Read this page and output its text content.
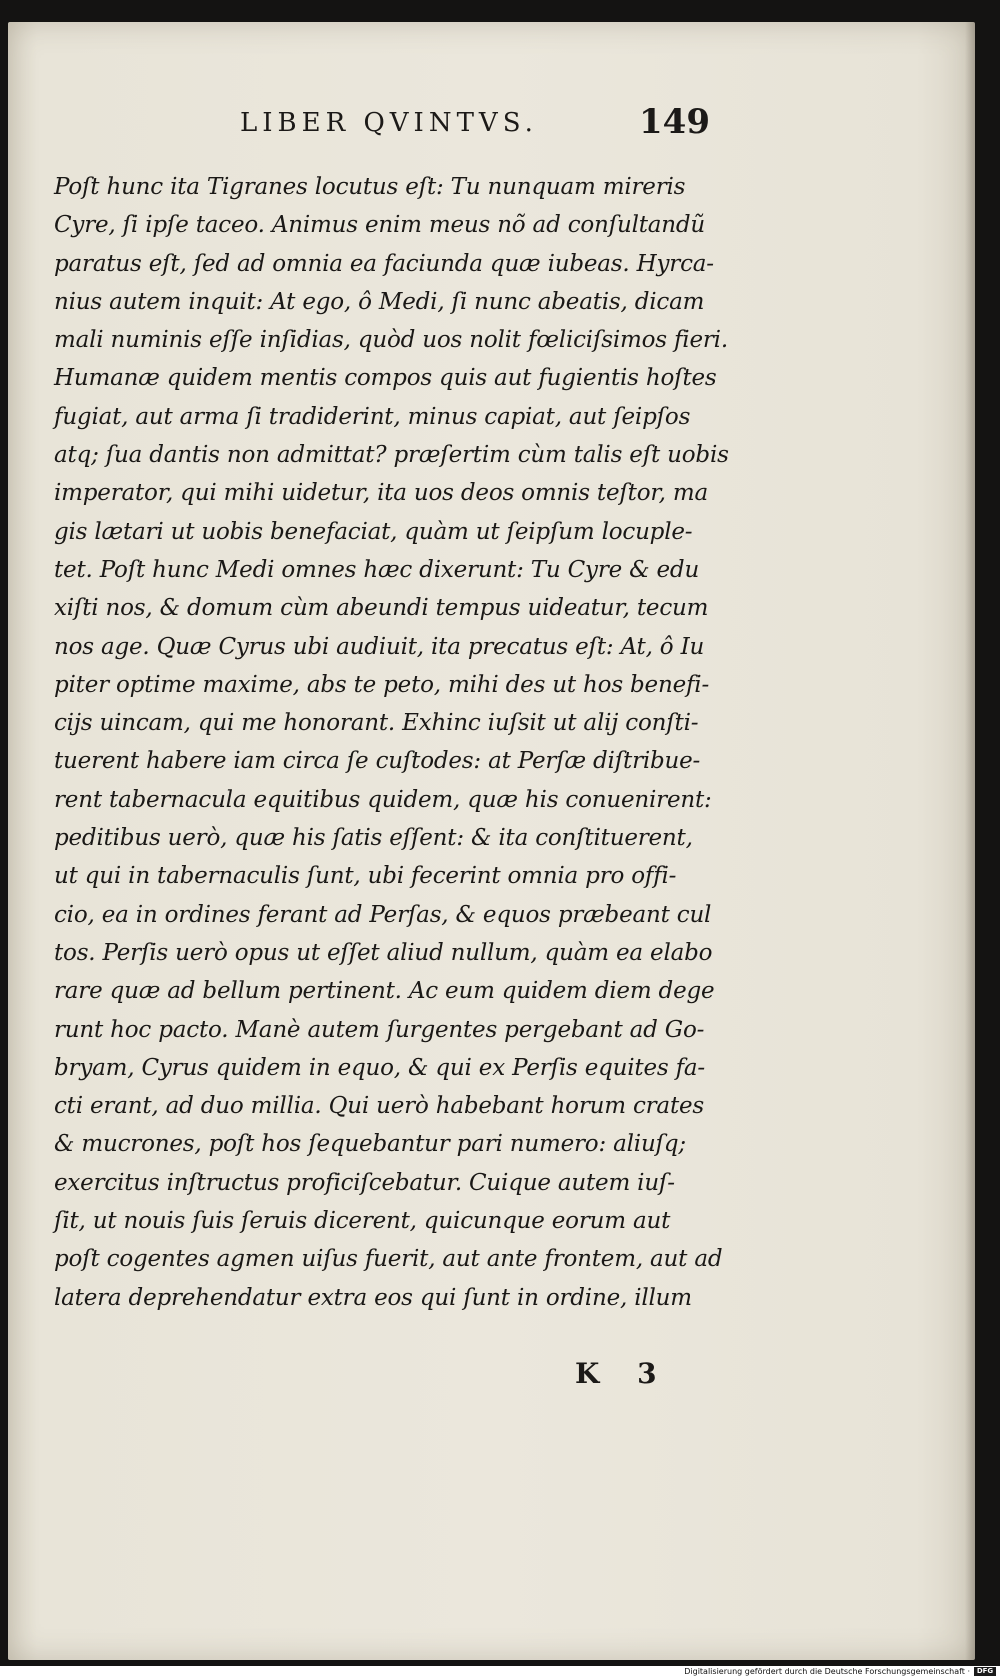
LIBER QVINTVS.	149
Poſt hunc ita Tigranes locutus eſt: Tu nunquam mireris
Cyre, ſi ipſe taceo. Animus enim meus nõ ad conſultandũ
paratus eſt, ſed ad omnia ea faciunda quæ iubeas. Hyrca-
nius autem inquit: At ego, ô Medi, ſi nunc abeatis, dicam
mali numinis eſſe inſidias, quòd uos nolit fœliciſsimos fieri.
Humanæ quidem mentis compos quis aut fugientis hoſtes
fugiat, aut arma ſi tradiderint, minus capiat, aut ſeipſos
atq; ſua dantis non admittat? præſertim cùm talis eſt uobis
imperator, qui mihi uidetur, ita uos deos omnis teſtor, ma
gis lætari ut uobis benefaciat, quàm ut ſeipſum locuple-
tet. Poſt hunc Medi omnes hæc dixerunt: Tu Cyre & edu
xiſti nos, & domum cùm abeundi tempus uideatur, tecum
nos age. Quæ Cyrus ubi audiuit, ita precatus eſt: At, ô Iu
piter optime maxime, abs te peto, mihi des ut hos benefi-
cijs uincam, qui me honorant. Exhinc iuſsit ut alij conſti-
tuerent habere iam circa ſe cuſtodes: at Perſæ diſtribue-
rent tabernacula equitibus quidem, quæ his conuenirent:
peditibus uerò, quæ his ſatis eſſent: & ita conſtituerent,
ut qui in tabernaculis ſunt, ubi fecerint omnia pro offi-
cio, ea in ordines ferant ad Perſas, & equos præbeant cul
tos. Perſis uerò opus ut eſſet aliud nullum, quàm ea elabo
rare quæ ad bellum pertinent. Ac eum quidem diem dege
runt hoc pacto. Manè autem ſurgentes pergebant ad Go-
bryam, Cyrus quidem in equo, & qui ex Perſis equites fa-
cti erant, ad duo millia. Qui uerò habebant horum crates
& mucrones, poſt hos ſequebantur pari numero: aliuſq;
exercitus inſtructus proficiſcebatur. Cuique autem iuſ-
ſit, ut nouis ſuis ſeruis dicerent, quicunque eorum aut
poſt cogentes agmen uiſus fuerit, aut ante frontem, aut ad
latera deprehendatur extra eos qui ſunt in ordine, illum
K 3
Digitalisierung gefördert durch die Deutsche Forschungsgemeinschaft · DFG
